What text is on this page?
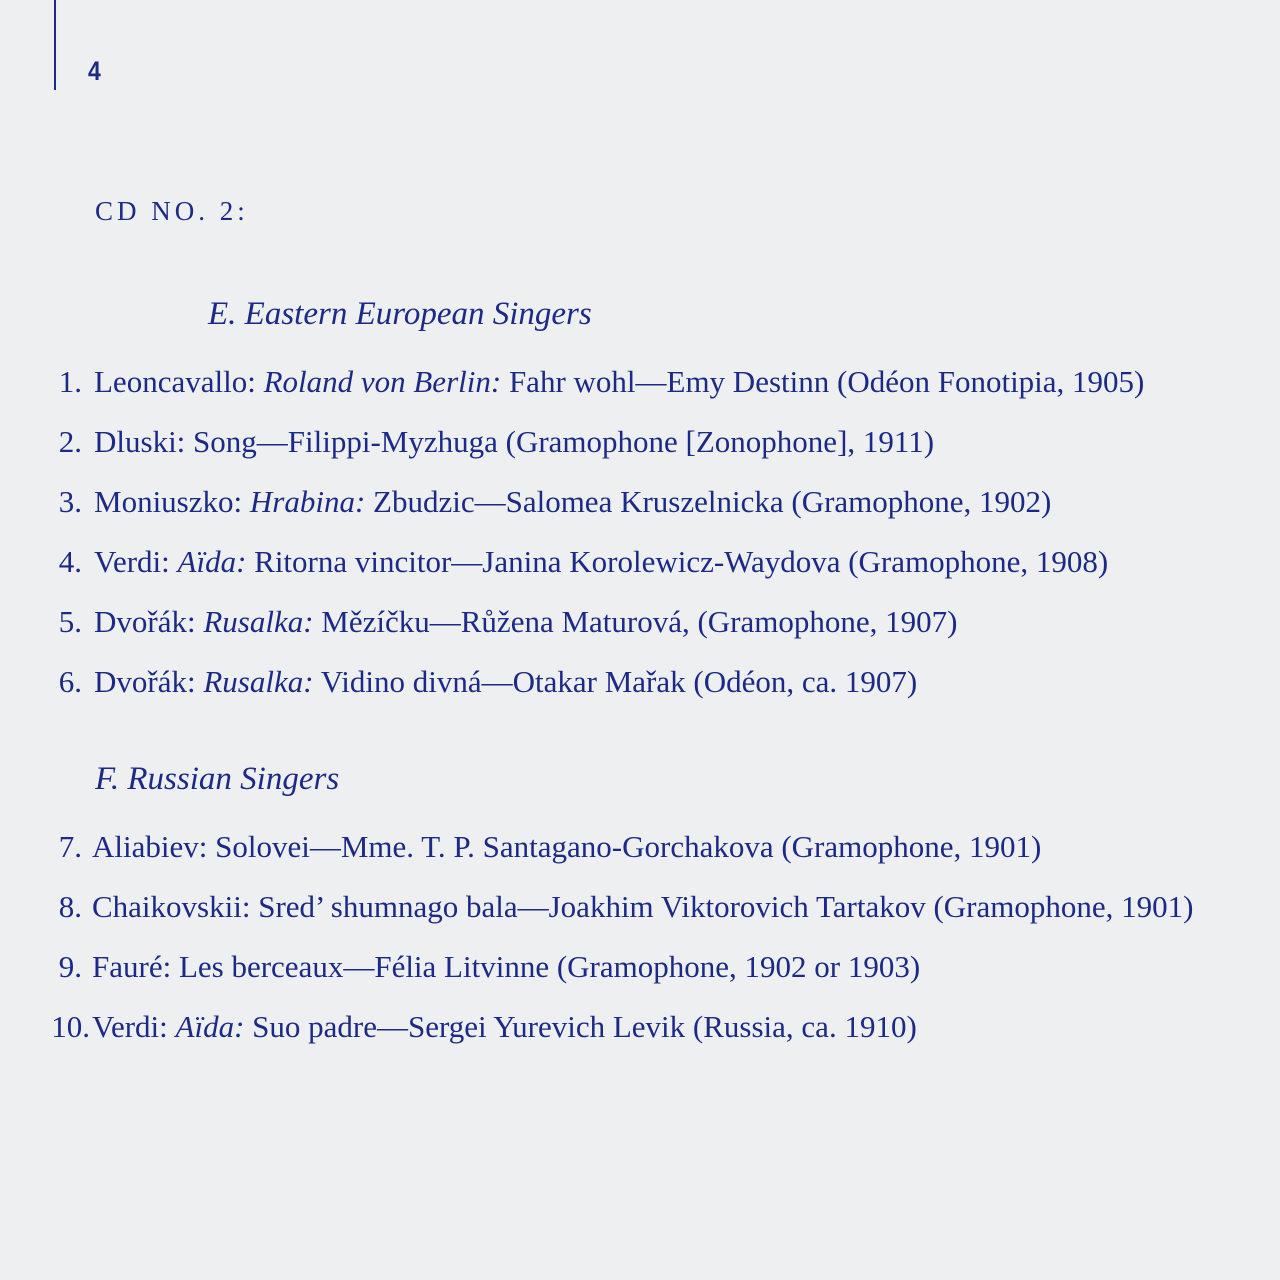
4
CD NO. 2:
E. Eastern European Singers
1. Leoncavallo: Roland von Berlin: Fahr wohl—Emy Destinn (Odéon Fonotipia, 1905)
2. Dluski: Song—Filippi-Myzhuga (Gramophone [Zonophone], 1911)
3. Moniuszko: Hrabina: Zbudzic—Salomea Kruszelnicka (Gramophone, 1902)
4. Verdi: Aïda: Ritorna vincitor—Janina Korolewicz-Waydova (Gramophone, 1908)
5. Dvořák: Rusalka: Mězíčku—Růžena Maturová, (Gramophone, 1907)
6. Dvořák: Rusalka: Vidino divná—Otakar Mařak (Odéon, ca. 1907)
F. Russian Singers
7. Aliabiev: Solovei—Mme. T. P. Santagano-Gorchakova (Gramophone, 1901)
8. Chaikovskii: Sred’ shumnago bala—Joakhim Viktorovich Tartakov (Gramophone, 1901)
9. Fauré: Les berceaux—Félia Litvinne (Gramophone, 1902 or 1903)
10. Verdi: Aïda: Suo padre—Sergei Yurevich Levik (Russia, ca. 1910)
